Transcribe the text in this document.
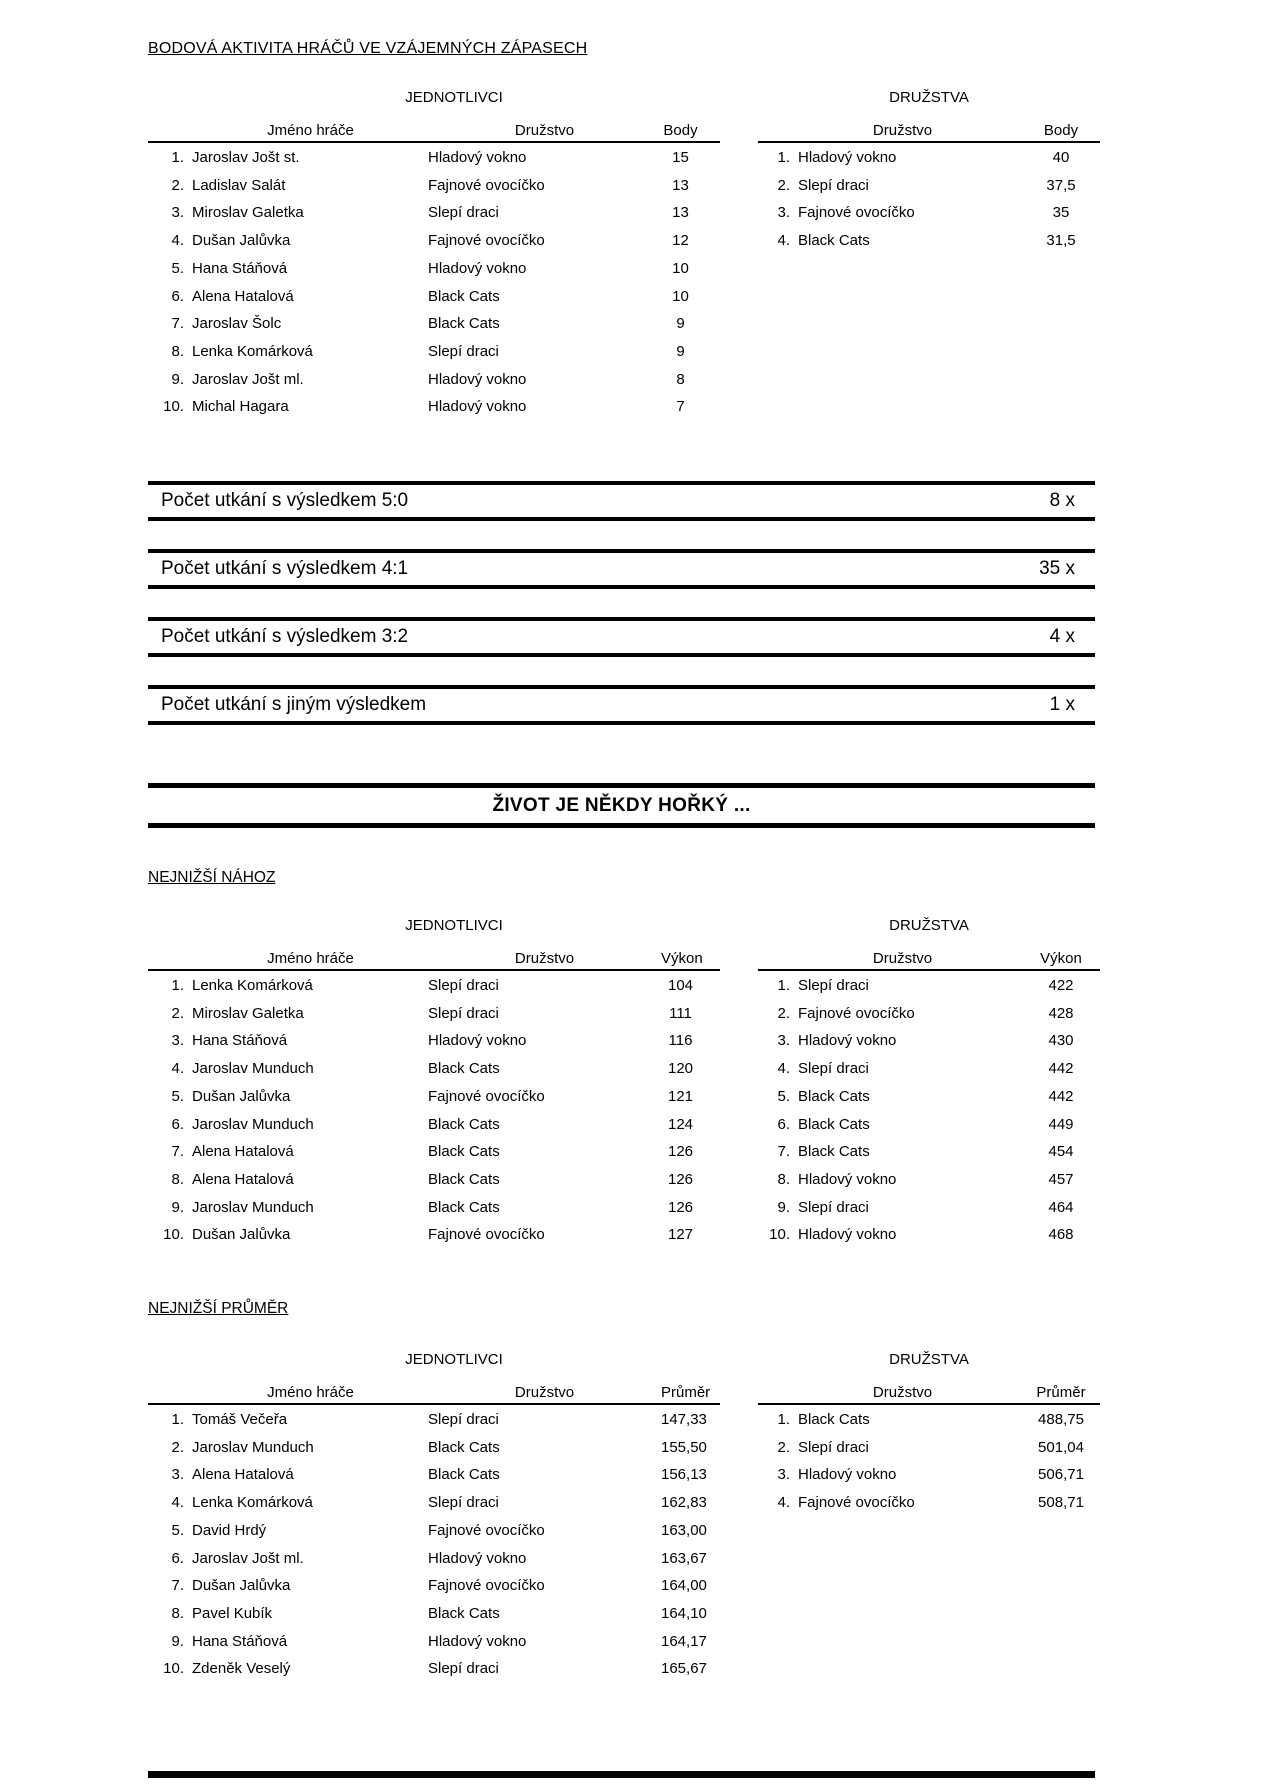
BODOVÁ AKTIVITA HRÁČŮ VE VZÁJEMNÝCH ZÁPASECH
JEDNOTLIVCI
Jméno hráče	Družstvo	Body
1. Jaroslav Jošt st.	Hladový vokno	15
2. Ladislav Salát	Fajnové ovocíčko	13
3. Miroslav Galetka	Slepí draci	13
4. Dušan Jalůvka	Fajnové ovocíčko	12
5. Hana Stáňová	Hladový vokno	10
6. Alena Hatalová	Black Cats	10
7. Jaroslav Šolc	Black Cats	9
8. Lenka Komárková	Slepí draci	9
9. Jaroslav Jošt ml.	Hladový vokno	8
10. Michal Hagara	Hladový vokno	7
DRUŽSTVA
Družstvo	Body
1. Hladový vokno	40
2. Slepí draci	37,5
3. Fajnové ovocíčko	35
4. Black Cats	31,5
Počet utkání s výsledkem 5:0	8 x
Počet utkání s výsledkem 4:1	35 x
Počet utkání s výsledkem 3:2	4 x
Počet utkání s jiným výsledkem	1 x
ŽIVOT JE NĚKDY HOŘKÝ ...
NEJNIŽŠÍ NÁHOZ
JEDNOTLIVCI
Jméno hráče	Družstvo	Výkon
1. Lenka Komárková	Slepí draci	104
2. Miroslav Galetka	Slepí draci	111
3. Hana Stáňová	Hladový vokno	116
4. Jaroslav Munduch	Black Cats	120
5. Dušan Jalůvka	Fajnové ovocíčko	121
6. Jaroslav Munduch	Black Cats	124
7. Alena Hatalová	Black Cats	126
8. Alena Hatalová	Black Cats	126
9. Jaroslav Munduch	Black Cats	126
10. Dušan Jalůvka	Fajnové ovocíčko	127
DRUŽSTVA
Družstvo	Výkon
1. Slepí draci	422
2. Fajnové ovocíčko	428
3. Hladový vokno	430
4. Slepí draci	442
5. Black Cats	442
6. Black Cats	449
7. Black Cats	454
8. Hladový vokno	457
9. Slepí draci	464
10. Hladový vokno	468
NEJNIŽŠÍ PRŮMĚR
JEDNOTLIVCI
Jméno hráče	Družstvo	Průměr
1. Tomáš Večeřa	Slepí draci	147,33
2. Jaroslav Munduch	Black Cats	155,50
3. Alena Hatalová	Black Cats	156,13
4. Lenka Komárková	Slepí draci	162,83
5. David Hrdý	Fajnové ovocíčko	163,00
6. Jaroslav Jošt ml.	Hladový vokno	163,67
7. Dušan Jalůvka	Fajnové ovocíčko	164,00
8. Pavel Kubík	Black Cats	164,10
9. Hana Stáňová	Hladový vokno	164,17
10. Zdeněk Veselý	Slepí draci	165,67
DRUŽSTVA
Družstvo	Průměr
1. Black Cats	488,75
2. Slepí draci	501,04
3. Hladový vokno	506,71
4. Fajnové ovocíčko	508,71
